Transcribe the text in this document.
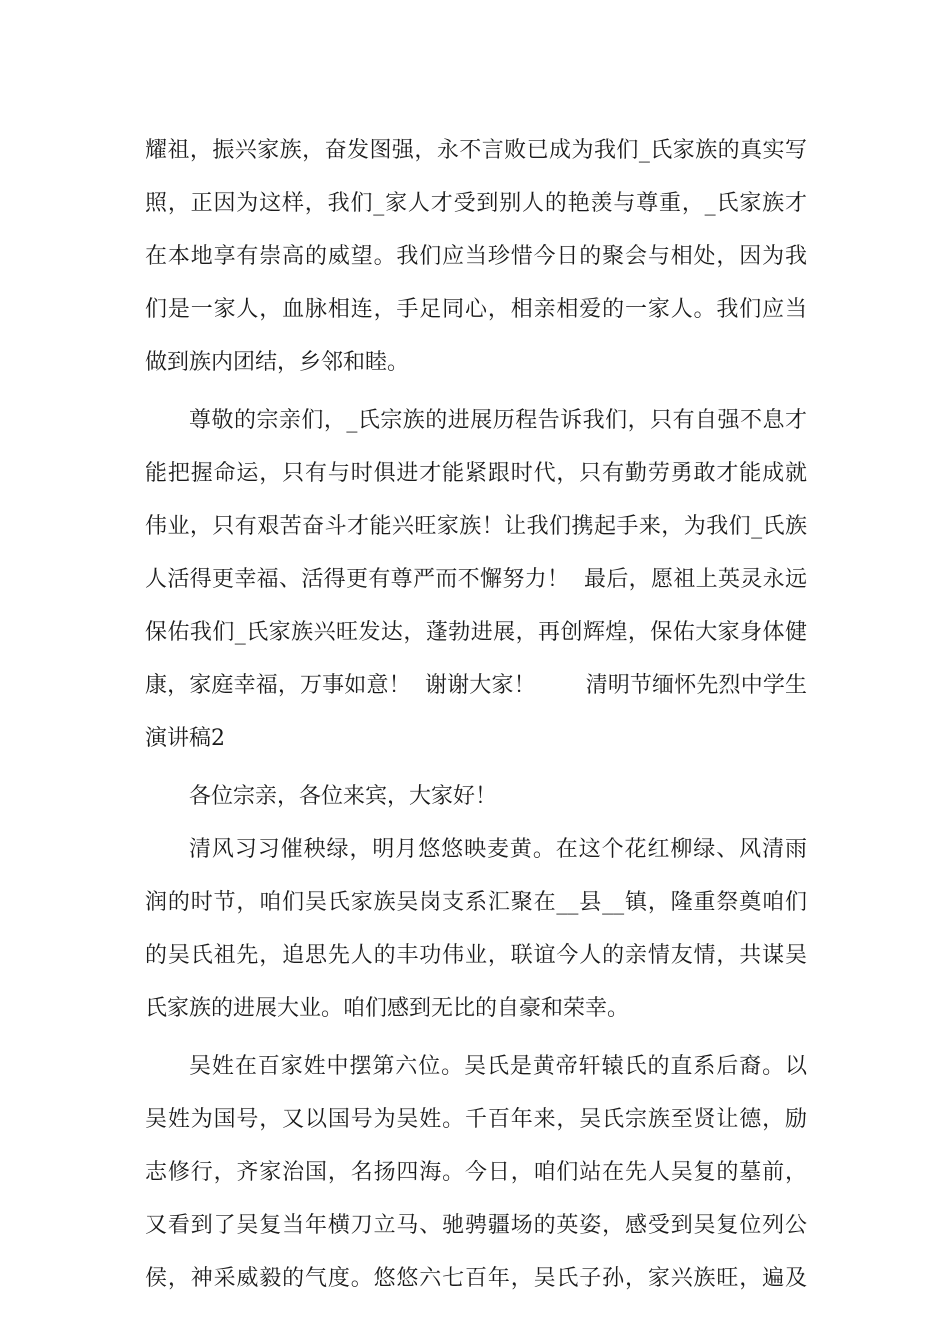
耀祖，振兴家族，奋发图强，永不言败已成为我们_氏家族的真实写
照，正因为这样，我们_家人才受到别人的艳羡与尊重，_氏家族才
在本地享有崇高的威望。我们应当珍惜今日的聚会与相处，因为我
们是一家人，血脉相连，手足同心，相亲相爱的一家人。我们应当
做到族内团结，乡邻和睦。
尊敬的宗亲们，_氏宗族的进展历程告诉我们，只有自强不息才
能把握命运，只有与时俱进才能紧跟时代，只有勤劳勇敢才能成就
伟业，只有艰苦奋斗才能兴旺家族！让我们携起手来，为我们_氏族
人活得更幸福、活得更有尊严而不懈努力！  最后，愿祖上英灵永远
保佑我们_氏家族兴旺发达，蓬勃进展，再创辉煌，保佑大家身体健
康，家庭幸福，万事如意！  谢谢大家！       清明节缅怀先烈中学生
演讲稿2
各位宗亲，各位来宾，大家好！
清风习习催秧绿，明月悠悠映麦黄。在这个花红柳绿、风清雨
润的时节，咱们吴氏家族吴岗支系汇聚在__县__镇，隆重祭奠咱们
的吴氏祖先，追思先人的丰功伟业，联谊今人的亲情友情，共谋吴
氏家族的进展大业。咱们感到无比的自豪和荣幸。
吴姓在百家姓中摆第六位。吴氏是黄帝轩辕氏的直系后裔。以
吴姓为国号，又以国号为吴姓。千百年来，吴氏宗族至贤让德，励
志修行，齐家治国，名扬四海。今日，咱们站在先人吴复的墓前，
又看到了吴复当年横刀立马、驰骋疆场的英姿，感受到吴复位列公
侯，神采威毅的气度。悠悠六七百年，吴氏子孙，家兴族旺，遍及
